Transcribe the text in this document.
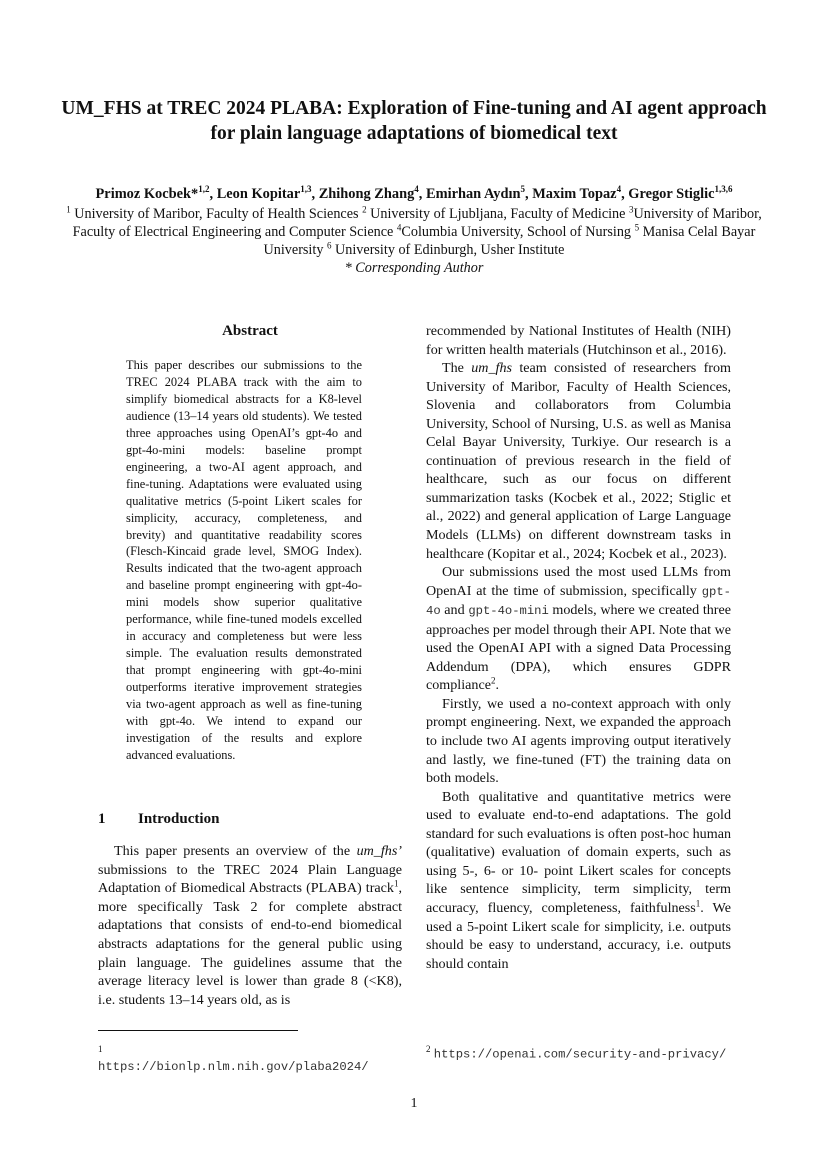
UM_FHS at TREC 2024 PLABA: Exploration of Fine-tuning and AI agent approach
for plain language adaptations of biomedical text
Primoz Kocbek*$^{1,2}$, Leon Kopitar$^{1,3}$, Zhihong Zhang$^4$, Emirhan Aydın$^5$, Maxim Topaz$^4$, Gregor Stiglic$^{1,3,6}$
$^1$ University of Maribor, Faculty of Health Sciences $^2$ University of Ljubljana, Faculty of Medicine $^3$University of Maribor,
Faculty of Electrical Engineering and Computer Science $^4$Columbia University, School of Nursing $^5$ Manisa Celal Bayar
University $^6$ University of Edinburgh, Usher Institute
* Corresponding Author
Abstract

This paper describes our submissions to the TREC 2024 PLABA track with the aim to simplify biomedical abstracts for a K8-level audience (13–14 years old students). We tested three approaches using OpenAI’s gpt-4o and gpt-4o-mini models: baseline prompt engineering, a two-AI agent approach, and fine-tuning. Adaptations were evaluated using qualitative metrics (5-point Likert scales for simplicity, accuracy, completeness, and brevity) and quantitative readability scores (Flesch-Kincaid grade level, SMOG Index). Results indicated that the two-agent approach and baseline prompt engineering with gpt-4o-mini models show superior qualitative performance, while fine-tuned models excelled in accuracy and completeness but were less simple. The evaluation results demonstrated that prompt engineering with gpt-4o-mini outperforms iterative improvement strategies via two-agent approach as well as fine-tuning with gpt-4o. We intend to expand our investigation of the results and explore advanced evaluations.

1 Introduction

This paper presents an overview of the um_fhs’ submissions to the TREC 2024 Plain Language Adaptation of Biomedical Abstracts (PLABA) track$^1$, more specifically Task 2 for complete abstract adaptations that consists of end-to-end biomedical abstracts adaptations for the general public using plain language. The guidelines assume that the average literacy level is lower than grade 8 (<K8), i.e. students 13–14 years old, as is

recommended by National Institutes of Health (NIH) for written health materials (Hutchinson et al., 2016).

The um_fhs team consisted of researchers from University of Maribor, Faculty of Health Sciences, Slovenia and collaborators from Columbia University, School of Nursing, U.S. as well as Manisa Celal Bayar University, Turkiye. Our research is a continuation of previous research in the field of healthcare, such as our focus on different summarization tasks (Kocbek et al., 2022; Stiglic et al., 2022) and general application of Large Language Models (LLMs) on different downstream tasks in healthcare (Kopitar et al., 2024; Kocbek et al., 2023).

Our submissions used the most used LLMs from OpenAI at the time of submission, specifically gpt-4o and gpt-4o-mini models, where we created three approaches per model through their API. Note that we used the OpenAI API with a signed Data Processing Addendum (DPA), which ensures GDPR compliance$^2$.

Firstly, we used a no-context approach with only prompt engineering. Next, we expanded the approach to include two AI agents improving output iteratively and lastly, we fine-tuned (FT) the training data on both models.

Both qualitative and quantitative metrics were used to evaluate end-to-end adaptations. The gold standard for such evaluations is often post-hoc human (qualitative) evaluation of domain experts, such as using 5-, 6- or 10- point Likert scales for concepts like sentence simplicity, term simplicity, term accuracy, fluency, completeness, faithfulness$^1$. We used a 5-point Likert scale for simplicity, i.e. outputs should be easy to understand, accuracy, i.e. outputs should contain

1
https://bionlp.nlm.nih.gov/plaba2024/
$^2$ https://openai.com/security-and-privacy/
1
